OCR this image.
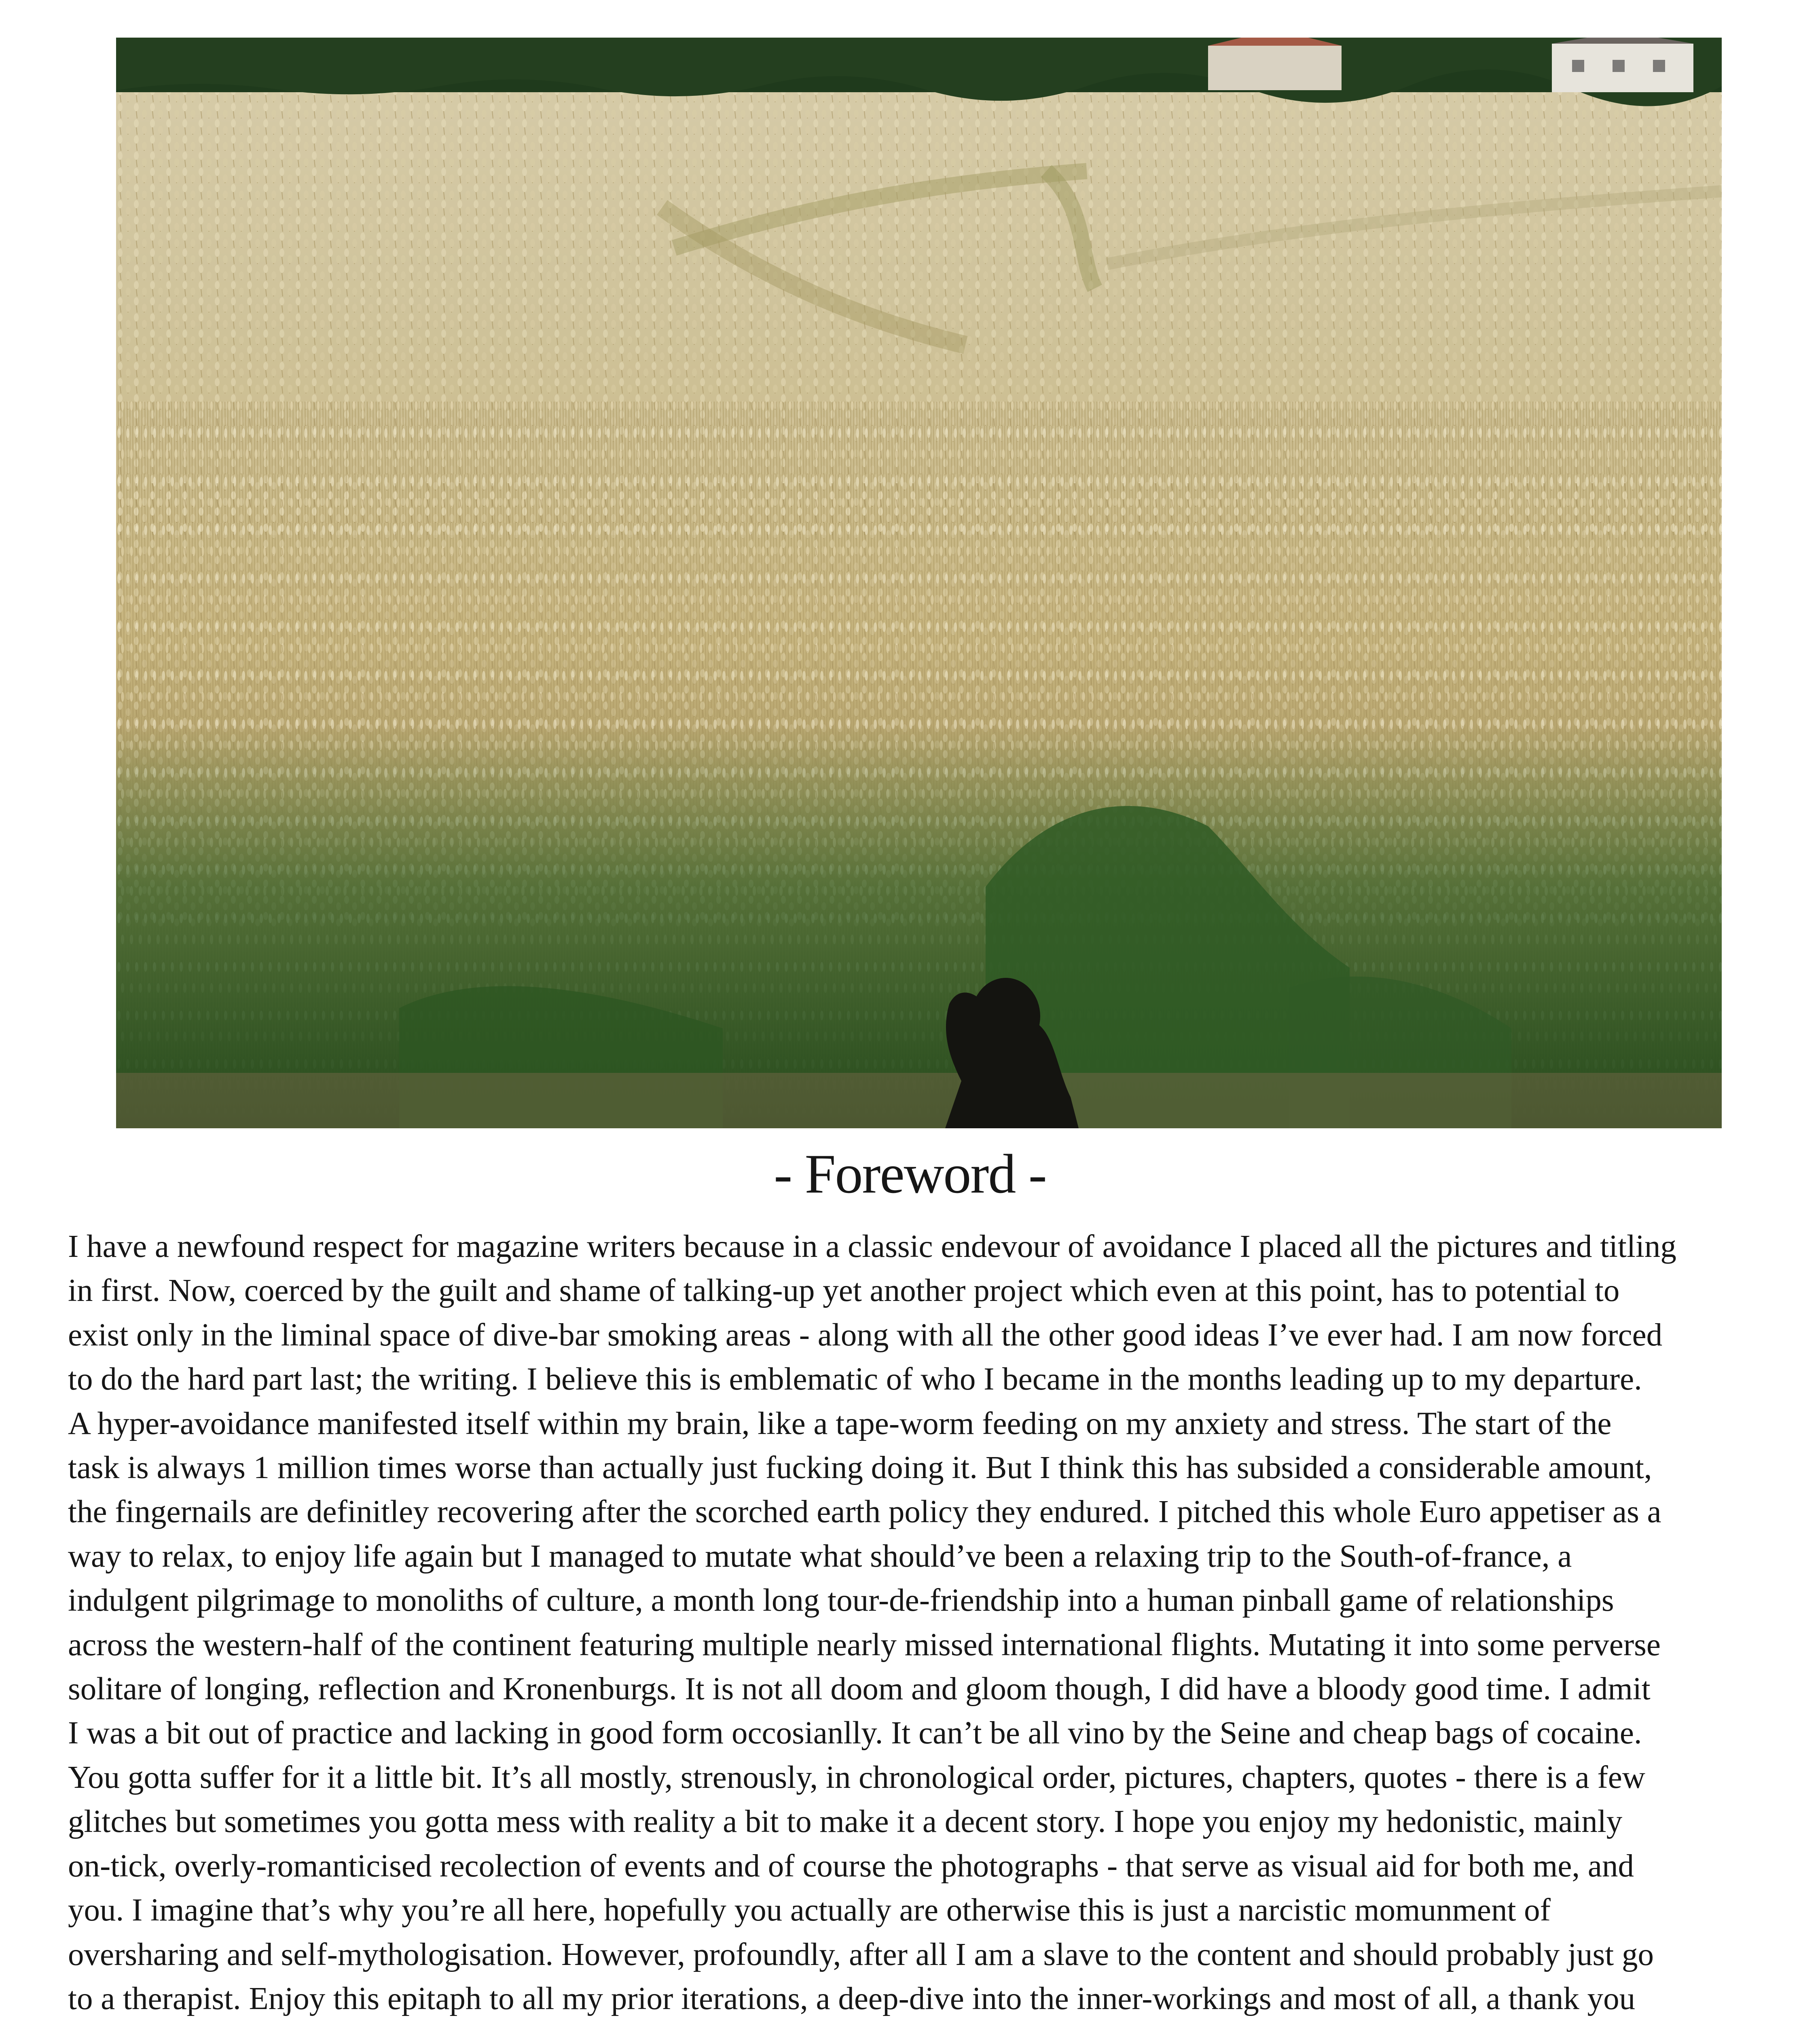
- Foreword -
I have a newfound respect for magazine writers because in a classic endevour of avoidance I placed all the pictures and titling
in first. Now, coerced by the guilt and shame of talking-up yet another project which even at this point, has to potential to
exist only in the liminal space of dive-bar smoking areas - along with all the other good ideas I’ve ever had. I am now forced
to do the hard part last; the writing. I believe this is emblematic of who I became in the months leading up to my departure.
A hyper-avoidance manifested itself within my brain, like a tape-worm feeding on my anxiety and stress. The start of the
task is always 1 million times worse than actually just fucking doing it. But I think this has subsided a considerable amount,
the fingernails are definitley recovering after the scorched earth policy they endured. I pitched this whole Euro appetiser as a
way to relax, to enjoy life again but I managed to mutate what should’ve been a relaxing trip to the South-of-france, a
indulgent pilgrimage to monoliths of culture, a month long tour-de-friendship into a human pinball game of relationships
across the western-half of the continent featuring multiple nearly missed international flights. Mutating it into some perverse
solitare of longing, reflection and Kronenburgs. It is not all doom and gloom though, I did have a bloody good time. I admit
I was a bit out of practice and lacking in good form occosianlly. It can’t be all vino by the Seine and cheap bags of cocaine.
You gotta suffer for it a little bit. It’s all mostly, strenously, in chronological order, pictures, chapters, quotes - there is a few
glitches but sometimes you gotta mess with reality a bit to make it a decent story. I hope you enjoy my hedonistic, mainly
on-tick, overly-romanticised recolection of events and of course the photographs - that serve as visual aid for both me, and
you. I imagine that’s why you’re all here, hopefully you actually are otherwise this is just a narcistic momunment of
oversharing and self-mythologisation. However, profoundly, after all I am a slave to the content and should probably just go
to a therapist. Enjoy this epitaph to all my prior iterations, a deep-dive into the inner-workings and most of all, a thank you
